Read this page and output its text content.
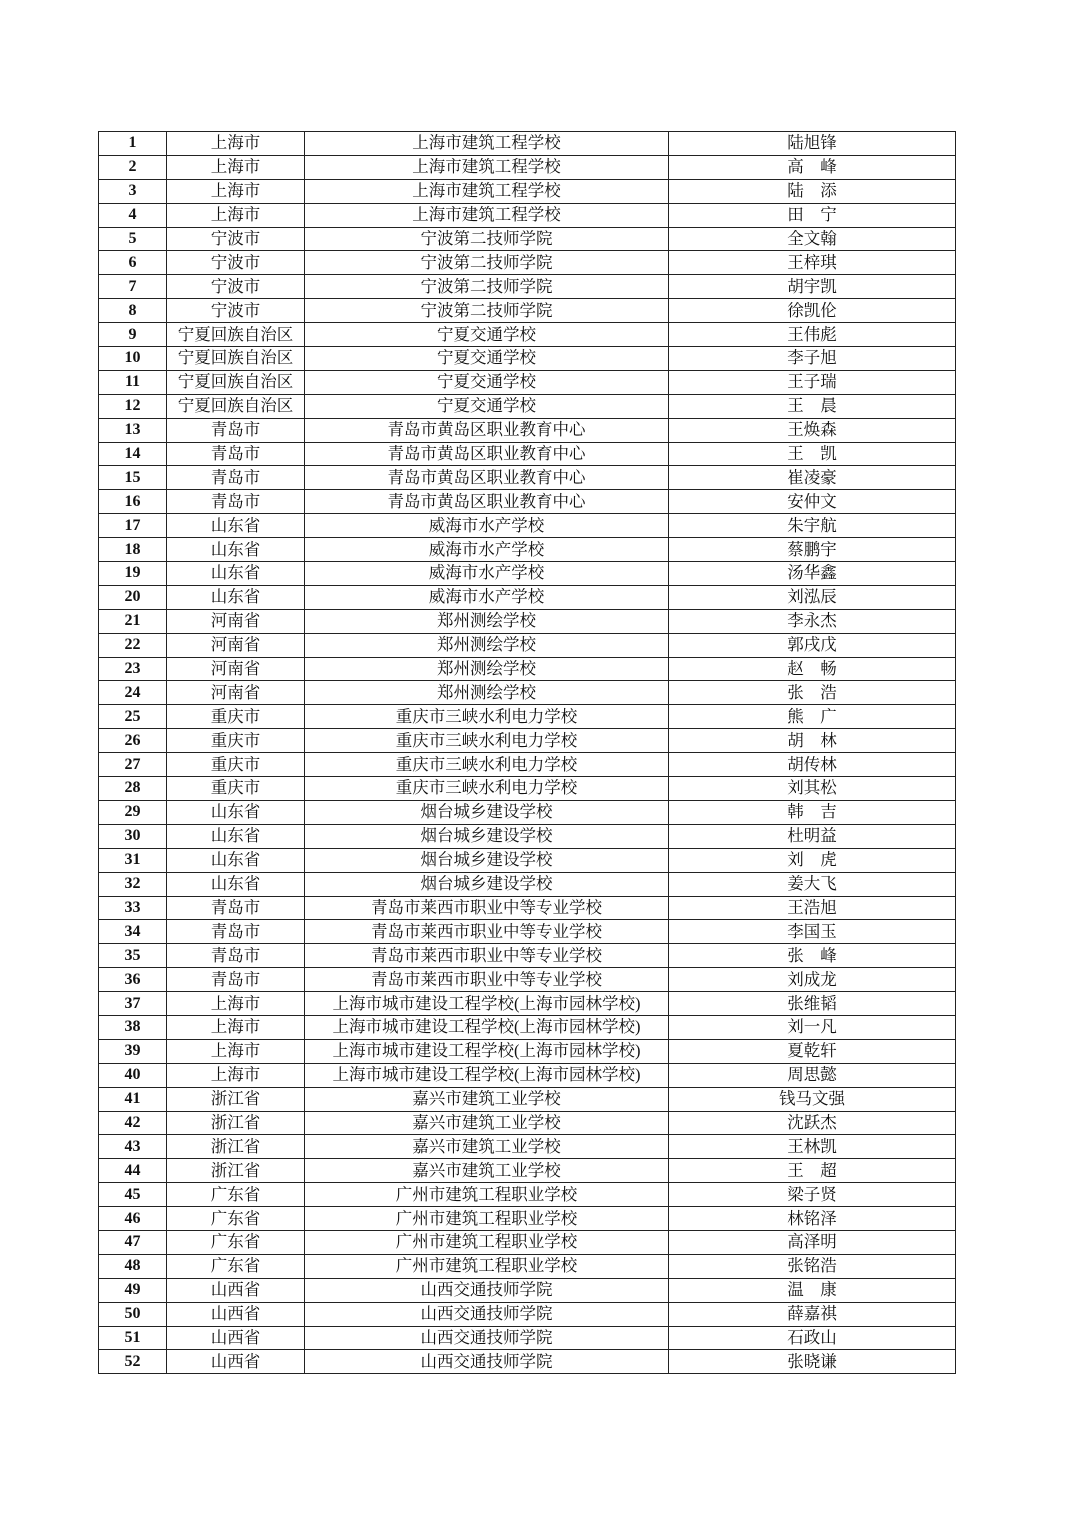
1	上海市	上海市建筑工程学校	陆旭锋
2	上海市	上海市建筑工程学校	高　峰
3	上海市	上海市建筑工程学校	陆　添
4	上海市	上海市建筑工程学校	田　宁
5	宁波市	宁波第二技师学院	全文翰
6	宁波市	宁波第二技师学院	王梓琪
7	宁波市	宁波第二技师学院	胡宇凯
8	宁波市	宁波第二技师学院	徐凯伦
9	宁夏回族自治区	宁夏交通学校	王伟彪
10	宁夏回族自治区	宁夏交通学校	李子旭
11	宁夏回族自治区	宁夏交通学校	王子瑞
12	宁夏回族自治区	宁夏交通学校	王　晨
13	青岛市	青岛市黄岛区职业教育中心	王焕森
14	青岛市	青岛市黄岛区职业教育中心	王　凯
15	青岛市	青岛市黄岛区职业教育中心	崔凌豪
16	青岛市	青岛市黄岛区职业教育中心	安仲文
17	山东省	威海市水产学校	朱宇航
18	山东省	威海市水产学校	蔡鹏宇
19	山东省	威海市水产学校	汤华鑫
20	山东省	威海市水产学校	刘泓辰
21	河南省	郑州测绘学校	李永杰
22	河南省	郑州测绘学校	郭戌戊
23	河南省	郑州测绘学校	赵　畅
24	河南省	郑州测绘学校	张　浩
25	重庆市	重庆市三峡水利电力学校	熊　广
26	重庆市	重庆市三峡水利电力学校	胡　林
27	重庆市	重庆市三峡水利电力学校	胡传林
28	重庆市	重庆市三峡水利电力学校	刘其松
29	山东省	烟台城乡建设学校	韩　吉
30	山东省	烟台城乡建设学校	杜明益
31	山东省	烟台城乡建设学校	刘　虎
32	山东省	烟台城乡建设学校	姜大飞
33	青岛市	青岛市莱西市职业中等专业学校	王浩旭
34	青岛市	青岛市莱西市职业中等专业学校	李国玉
35	青岛市	青岛市莱西市职业中等专业学校	张　峰
36	青岛市	青岛市莱西市职业中等专业学校	刘成龙
37	上海市	上海市城市建设工程学校(上海市园林学校)	张维韬
38	上海市	上海市城市建设工程学校(上海市园林学校)	刘一凡
39	上海市	上海市城市建设工程学校(上海市园林学校)	夏乾轩
40	上海市	上海市城市建设工程学校(上海市园林学校)	周思懿
41	浙江省	嘉兴市建筑工业学校	钱马文强
42	浙江省	嘉兴市建筑工业学校	沈跃杰
43	浙江省	嘉兴市建筑工业学校	王林凯
44	浙江省	嘉兴市建筑工业学校	王　超
45	广东省	广州市建筑工程职业学校	梁子贤
46	广东省	广州市建筑工程职业学校	林铭泽
47	广东省	广州市建筑工程职业学校	高泽明
48	广东省	广州市建筑工程职业学校	张铭浩
49	山西省	山西交通技师学院	温　康
50	山西省	山西交通技师学院	薛嘉祺
51	山西省	山西交通技师学院	石政山
52	山西省	山西交通技师学院	张晓谦
